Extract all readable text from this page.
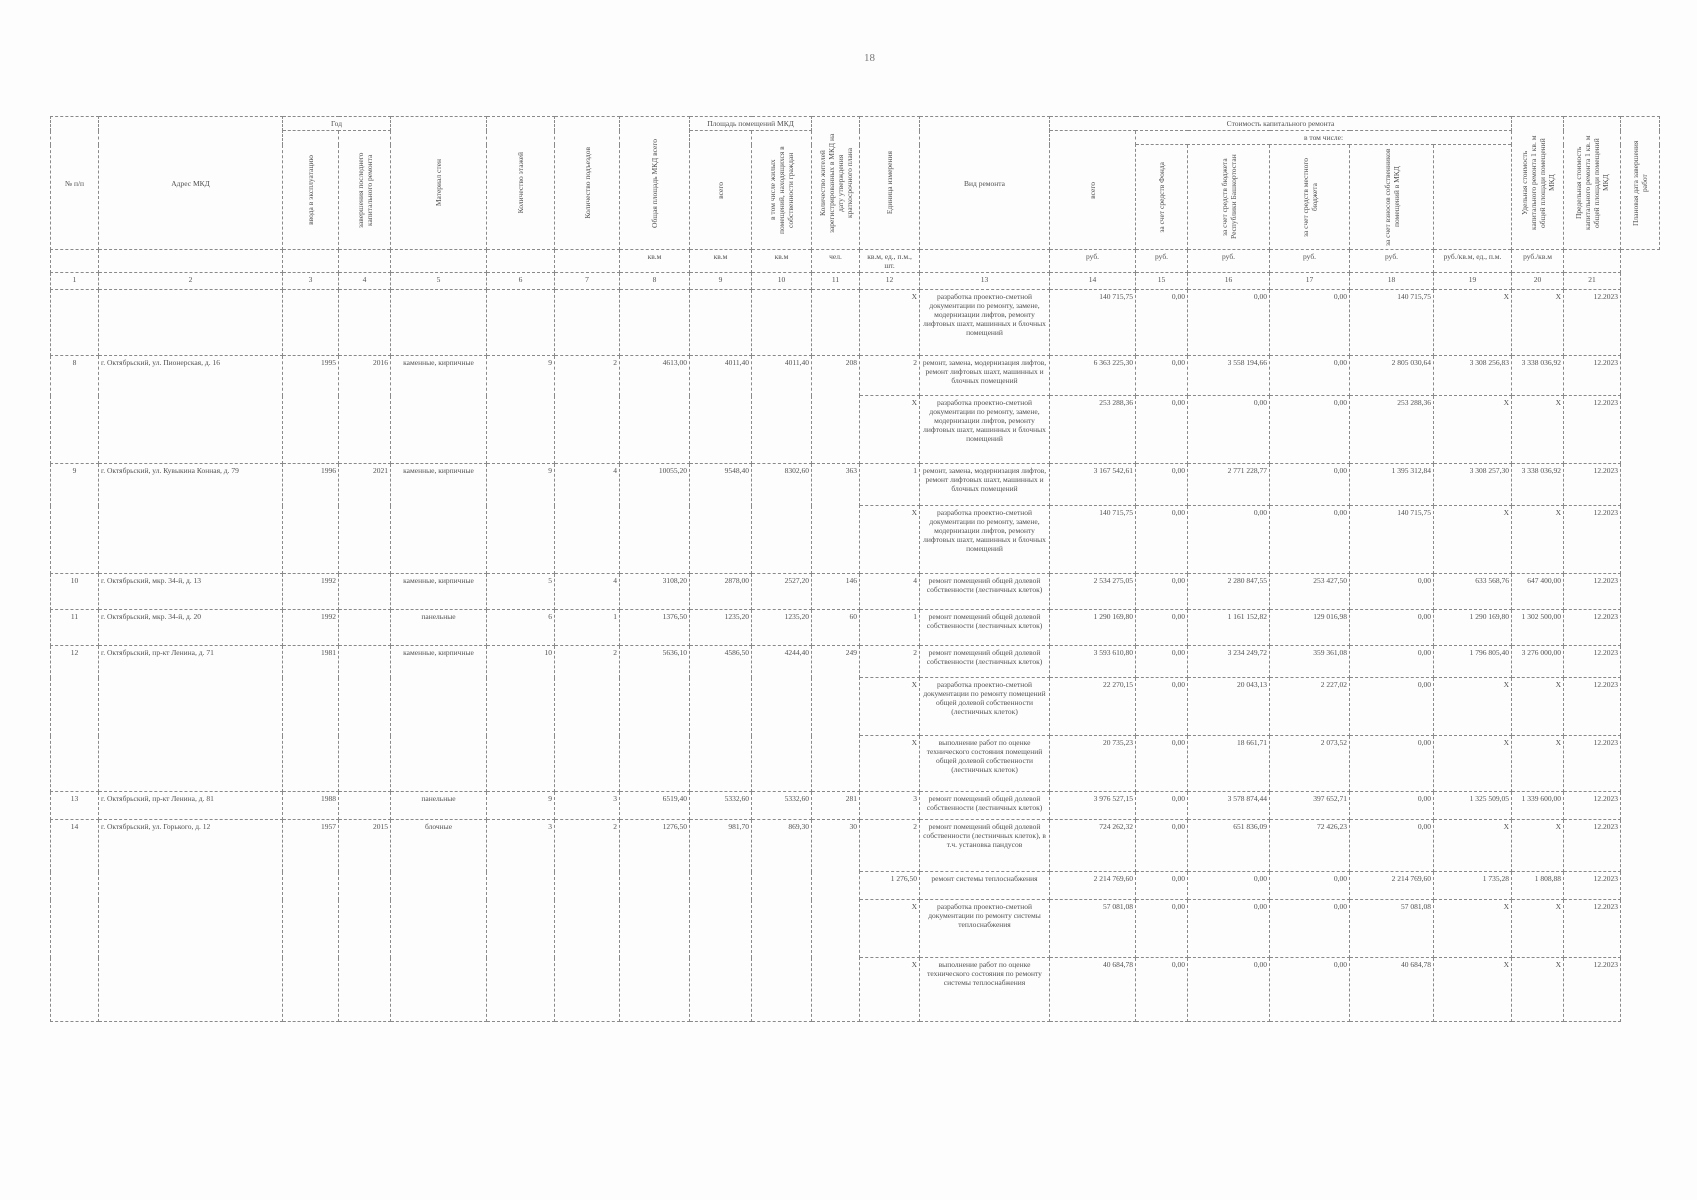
18
№ п/п	Адрес МКД	Год		Материал стен	Количество этажей	Количество подъездов	Общая площадь МКД всего	Площадь помещений МКД		Количество жителей зарегистрированных в МКД на дату утверждения краткосрочного плана	Единица измерения	Вид ремонта	Стоимость капитального ремонта						Удельная стоимость капитального ремонта 1 кв. м общей площади помещений МКД	Предельная стоимость капитального ремонта 1 кв. м общей площади помещений МКД	Плановая дата завершения работ

		ввода в эксплуатацию	завершения последнего капитального ремонта					всего	в том числе жилых помещений, находящихся в собственности граждан				всего	в том числе:							

														за счет средств Фонда	за счет средств бюджета Республики Башкортостан	за счет средств местного бюджета	за счет взносов собственников помещений в МКД				

							кв.м	кв.м	кв.м	чел.	кв.м, ед., п.м., шт.		руб.	руб.	руб.	руб.	руб.	руб./кв.м, ед., п.м.	руб./кв.м		
1	2	3	4	5	6	7	8	9	10	11	12	13	14	15	16	17	18	19	20	21	
											X	разработка проектно-сметной документации по ремонту, замене, модернизации лифтов, ремонту лифтовых шахт, машинных и блочных помещений	140 715,75	0,00	0,00	0,00	140 715,75	X	X	12.2023	
8	г. Октябрьский, ул. Пионерская, д. 16	1995	2016	каменные, кирпичные	9	2	4613,00	4011,40	4011,40	208	2	ремонт, замена, модернизация лифтов, ремонт лифтовых шахт, машинных и блочных помещений	6 363 225,30	0,00	3 558 194,66	0,00	2 805 030,64	3 308 256,83	3 338 036,92	12.2023	
											X	разработка проектно-сметной документации по ремонту, замене, модернизации лифтов, ремонту лифтовых шахт, машинных и блочных помещений	253 288,36	0,00	0,00	0,00	253 288,36	X	X	12.2023	
9	г. Октябрьский, ул. Кувыкина Конная, д. 79	1996	2021	каменные, кирпичные	9	4	10055,20	9548,40	8302,60	363	1	ремонт, замена, модернизация лифтов, ремонт лифтовых шахт, машинных и блочных помещений	3 167 542,61	0,00	2 771 228,77	0,00	1 395 312,84	3 308 257,30	3 338 036,92	12.2023	
											X	разработка проектно-сметной документации по ремонту, замене, модернизации лифтов, ремонту лифтовых шахт, машинных и блочных помещений	140 715,75	0,00	0,00	0,00	140 715,75	X	X	12.2023	
10	г. Октябрьский, мкр. 34-й, д. 13	1992		каменные, кирпичные	5	4	3108,20	2878,00	2527,20	146	4	ремонт помещений общей долевой собственности (лестничных клеток)	2 534 275,05	0,00	2 280 847,55	253 427,50	0,00	633 568,76	647 400,00	12.2023	
11	г. Октябрьский, мкр. 34-й, д. 20	1992		панельные	6	1	1376,50	1235,20	1235,20	60	1	ремонт помещений общей долевой собственности (лестничных клеток)	1 290 169,80	0,00	1 161 152,82	129 016,98	0,00	1 290 169,80	1 302 500,00	12.2023	
12	г. Октябрьский, пр-кт Ленина, д. 71	1981		каменные, кирпичные	10	2	5636,10	4586,50	4244,40	249	2	ремонт помещений общей долевой собственности (лестничных клеток)	3 593 610,80	0,00	3 234 249,72	359 361,08	0,00	1 796 805,40	3 276 000,00	12.2023	
											X	разработка проектно-сметной документации по ремонту помещений общей долевой собственности (лестничных клеток)	22 270,15	0,00	20 043,13	2 227,02	0,00	X	X	12.2023	
											X	выполнение работ по оценке технического состояния помещений общей долевой собственности (лестничных клеток)	20 735,23	0,00	18 661,71	2 073,52	0,00	X	X	12.2023	
13	г. Октябрьский, пр-кт Ленина, д. 81	1988		панельные	9	3	6519,40	5332,60	5332,60	281	3	ремонт помещений общей долевой собственности (лестничных клеток)	3 976 527,15	0,00	3 578 874,44	397 652,71	0,00	1 325 509,05	1 339 600,00	12.2023	
14	г. Октябрьский, ул. Горького, д. 12	1957	2015	блочные	3	2	1276,50	981,70	869,30	30	2	ремонт помещений общей долевой собственности (лестничных клеток), в т.ч. установка пандусов	724 262,32	0,00	651 836,09	72 426,23	0,00	X	X	12.2023	
											1 276,50	ремонт системы теплоснабжения	2 214 769,60	0,00	0,00	0,00	2 214 769,60	1 735,28	1 808,88	12.2023	
											X	разработка проектно-сметной документации по ремонту системы теплоснабжения	57 081,08	0,00	0,00	0,00	57 081,08	X	X	12.2023	
											X	выполнение работ по оценке технического состояния по ремонту системы теплоснабжения	40 684,78	0,00	0,00	0,00	40 684,78	X	X	12.2023	
